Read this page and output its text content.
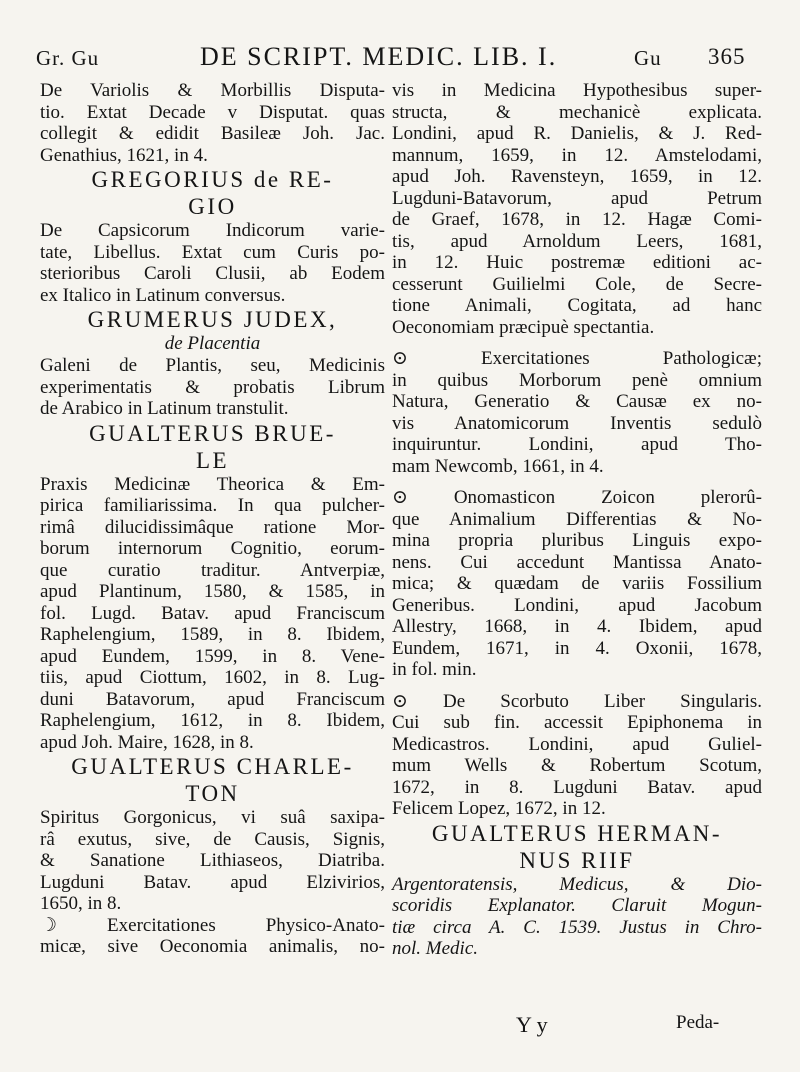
Gr. Gu	DE SCRIPT. MEDIC. LIB. I.	Gu 365
De Variolis & Morbillis Disputa-
tio. Extat Decade v Disputat. quas
collegit & edidit Basileæ Joh. Jac.
Genathius, 1621, in 4.
GREGORIUS de RE-
GIO
De Capsicorum Indicorum varie-
tate, Libellus. Extat cum Curis po-
sterioribus Caroli Clusii, ab Eodem
ex Italico in Latinum conversus.
GRUMERUS JUDEX,
de Placentia
Galeni de Plantis, seu, Medicinis
experimentatis & probatis Librum
de Arabico in Latinum transtulit.
GUALTERUS BRUE-
LE
Praxis Medicinæ Theorica & Em-
pirica familiarissima. In qua pulcher-
rimâ dilucidissimâque ratione Mor-
borum internorum Cognitio, eorum-
que curatio traditur. Antverpiæ,
apud Plantinum, 1580, & 1585, in
fol. Lugd. Batav. apud Franciscum
Raphelengium, 1589, in 8. Ibidem,
apud Eundem, 1599, in 8. Vene-
tiis, apud Ciottum, 1602, in 8. Lug-
duni Batavorum, apud Franciscum
Raphelengium, 1612, in 8. Ibidem,
apud Joh. Maire, 1628, in 8.
GUALTERUS CHARLE-
TON
Spiritus Gorgonicus, vi suâ saxipa-
râ exutus, sive, de Causis, Signis,
& Sanatione Lithiaseos, Diatriba.
Lugduni Batav. apud Elzivirios,
1650, in 8.
☽ Exercitationes Physico-Anato-
micæ, sive Oeconomia animalis, no-
vis in Medicina Hypothesibus super-
structa, & mechanicè explicata.
Londini, apud R. Danielis, & J. Red-
mannum, 1659, in 12. Amstelodami,
apud Joh. Ravensteyn, 1659, in 12.
Lugduni-Batavorum, apud Petrum
de Graef, 1678, in 12. Hagæ Comi-
tis, apud Arnoldum Leers, 1681,
in 12. Huic postremæ editioni ac-
cesserunt Guilielmi Cole, de Secre-
tione Animali, Cogitata, ad hanc
Oeconomiam præcipuè spectantia.
⊙ Exercitationes Pathologicæ;
in quibus Morborum penè omnium
Natura, Generatio & Causæ ex no-
vis Anatomicorum Inventis sedulò
inquiruntur. Londini, apud Tho-
mam Newcomb, 1661, in 4.
⊙ Onomasticon Zoicon plerorû-
que Animalium Differentias & No-
mina propria pluribus Linguis expo-
nens. Cui accedunt Mantissa Anato-
mica; & quædam de variis Fossilium
Generibus. Londini, apud Jacobum
Allestry, 1668, in 4. Ibidem, apud
Eundem, 1671, in 4. Oxonii, 1678,
in fol. min.
⊙ De Scorbuto Liber Singularis.
Cui sub fin. accessit Epiphonema in
Medicastros. Londini, apud Guliel-
mum Wells & Robertum Scotum,
1672, in 8. Lugduni Batav. apud
Felicem Lopez, 1672, in 12.
GUALTERUS HERMAN-
NUS RIIF
Argentoratensis, Medicus, & Dio-
scoridis Explanator. Claruit Mogun-
tiæ circa A. C. 1539. Justus in Chro-
nol. Medic.
Y y	Peda-
